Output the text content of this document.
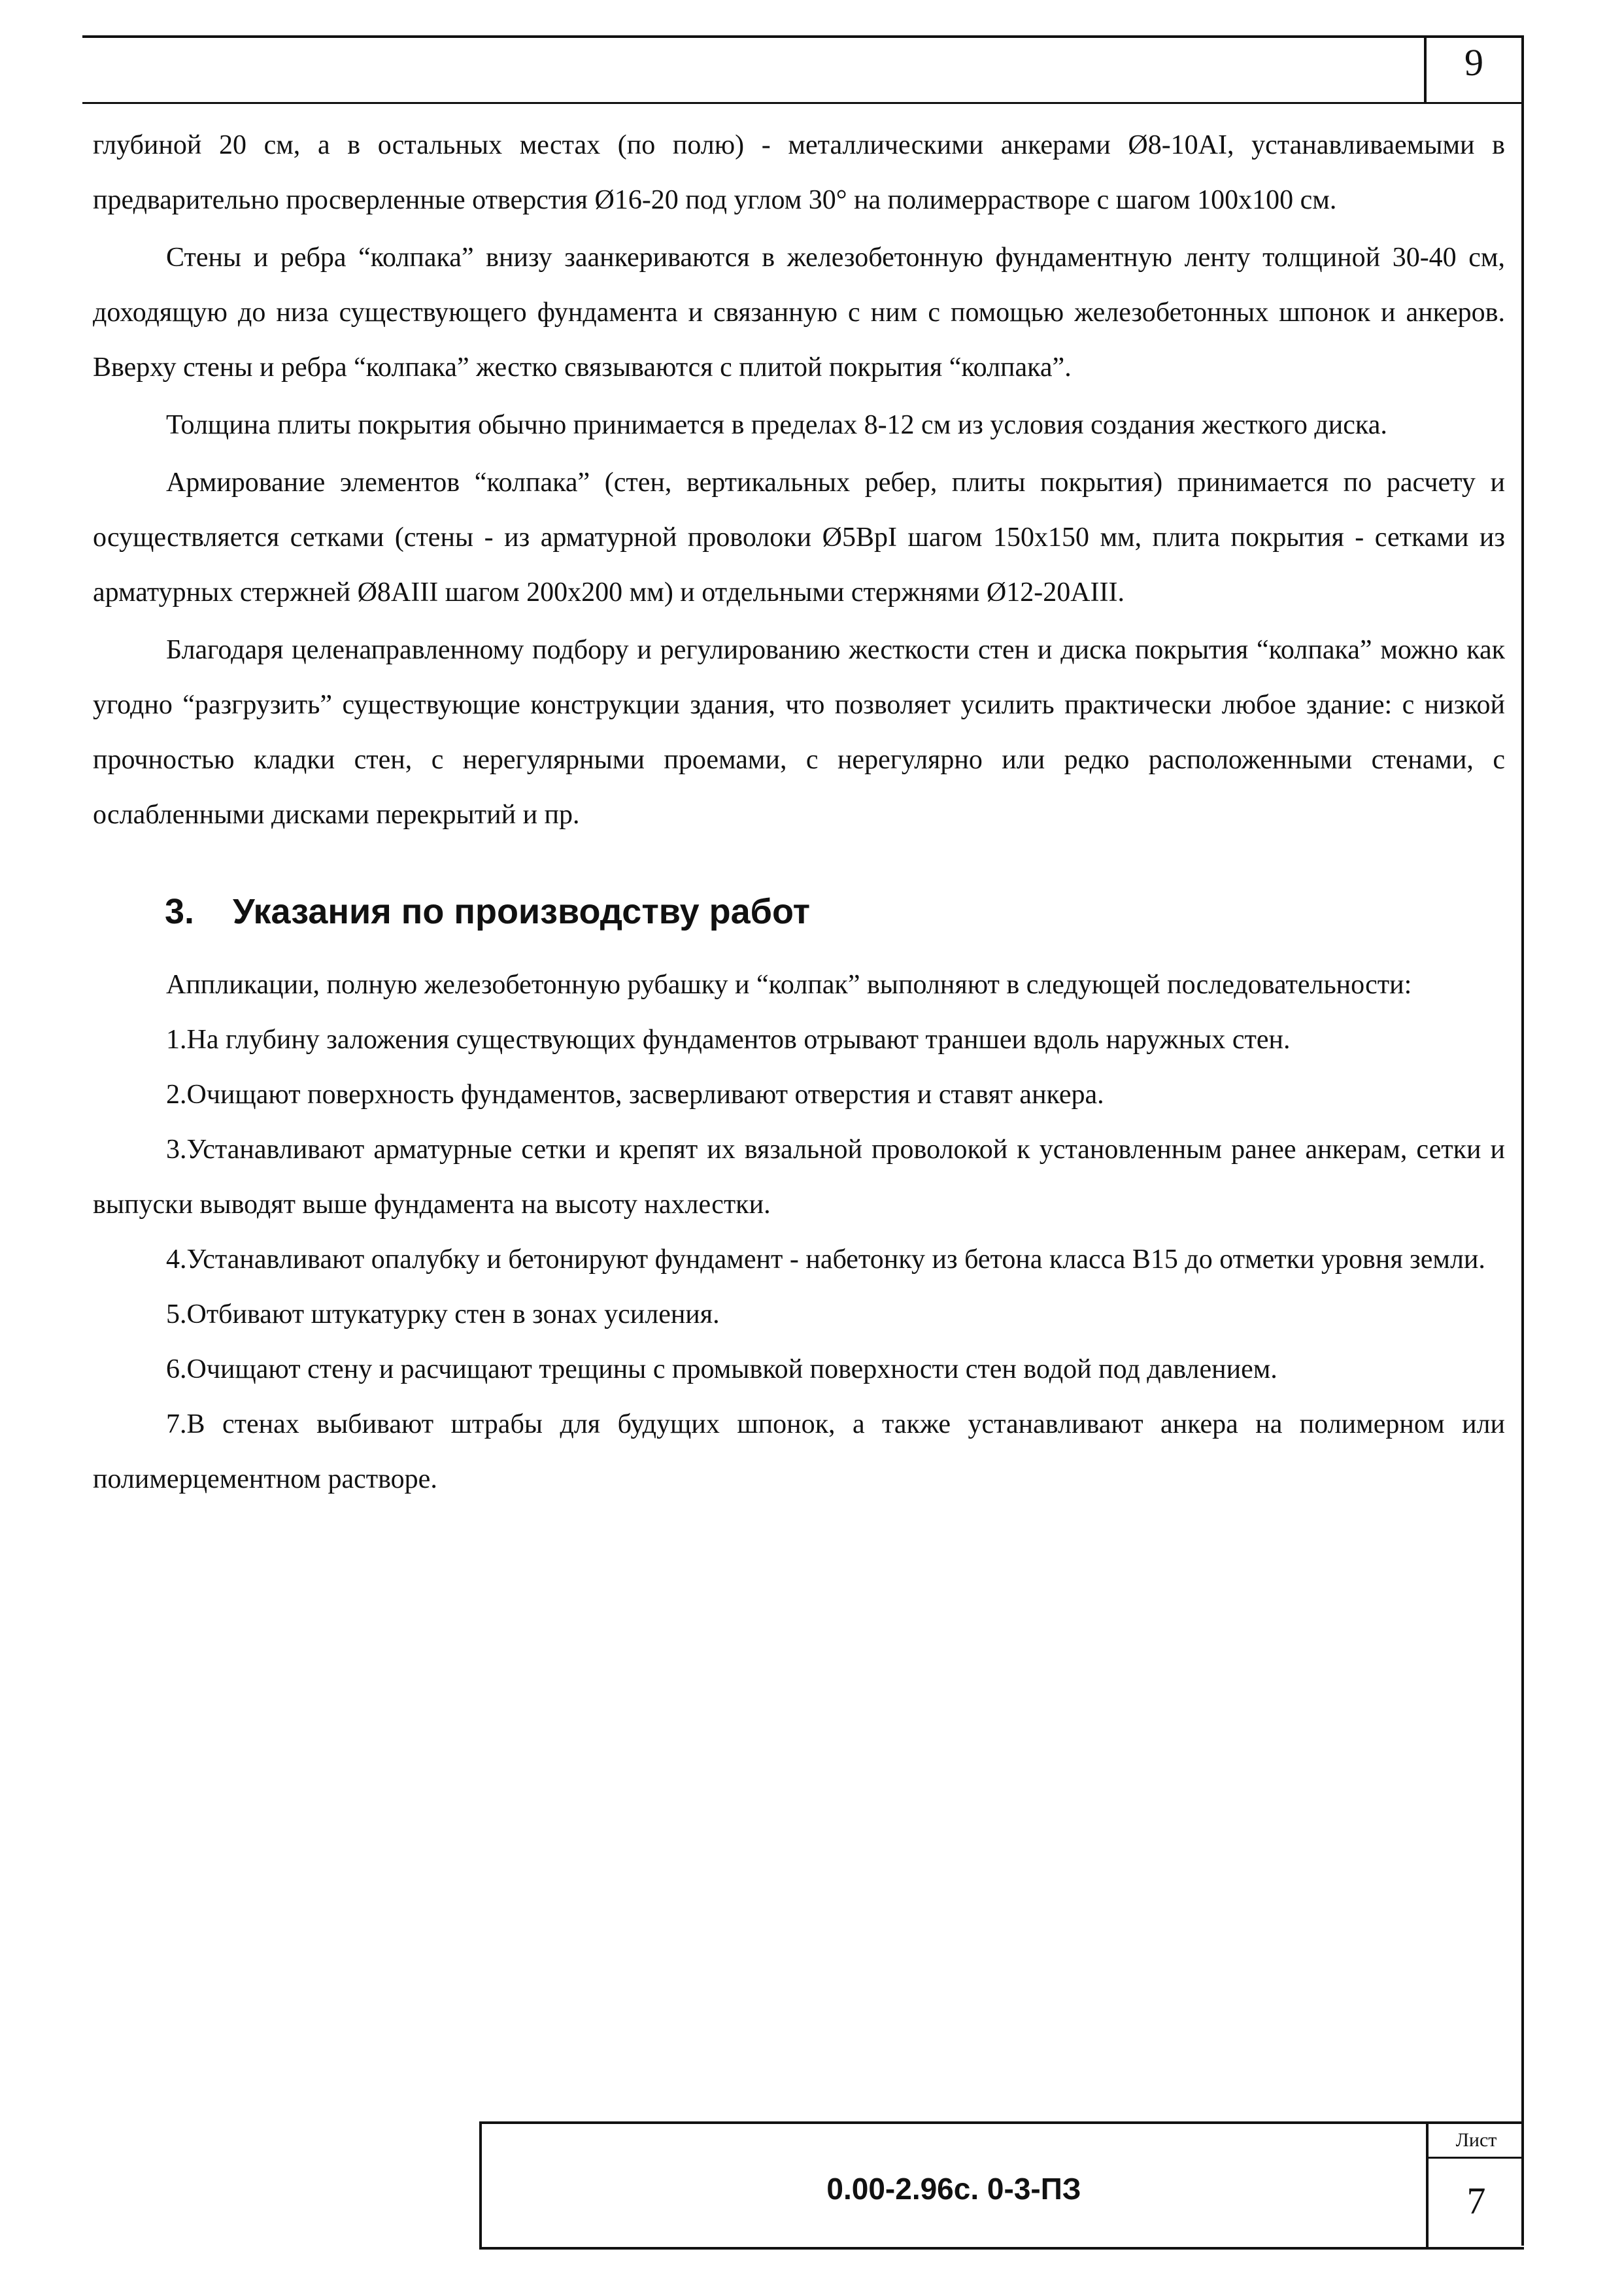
9

глубиной 20 см, а в остальных местах (по полю) - металлическими анкерами Ø8-10AI, устанавливаемыми в предварительно просверленные отверстия Ø16-20 под углом 30° на полимеррастворе с шагом 100x100 см.

Стены и ребра “колпака” внизу заанкериваются в железобетонную фундаментную ленту толщиной 30-40 см, доходящую до низа существующего фундамента и связанную с ним с помощью железобетонных шпонок и анкеров. Вверху стены и ребра “колпака” жестко связываются с плитой покрытия “колпака”.

Толщина плиты покрытия обычно принимается в пределах 8-12 см из условия создания жесткого диска.

Армирование элементов “колпака” (стен, вертикальных ребер, плиты покрытия) принимается по расчету и осуществляется сетками (стены - из арматурной проволоки Ø5BpI шагом 150x150 мм, плита покрытия - сетками из арматурных стержней Ø8AIII шагом 200x200 мм) и отдельными стержнями Ø12-20AIII.

Благодаря целенаправленному подбору и регулированию жесткости стен и диска покрытия “колпака” можно как угодно “разгрузить” существующие конструкции здания, что позволяет усилить практически любое здание: с низкой прочностью кладки стен, с нерегулярными проемами, с нерегулярно или редко расположенными стенами, с ослабленными дисками перекрытий и пр.

3. Указания по производству работ

Аппликации, полную железобетонную рубашку и “колпак” выполняют в следующей последовательности:

1.На глубину заложения существующих фундаментов отрывают траншеи вдоль наружных стен.

2.Очищают поверхность фундаментов, засверливают отверстия и ставят анкера.

3.Устанавливают арматурные сетки и крепят их вязальной проволокой к установленным ранее анкерам, сетки и выпуски выводят выше фундамента на высоту нахлестки.

4.Устанавливают опалубку и бетонируют фундамент - набетонку из бетона класса B15 до отметки уровня земли.

5.Отбивают штукатурку стен в зонах усиления.

6.Очищают стену и расчищают трещины с промывкой поверхности стен водой под давлением.

7.В стенах выбивают штрабы для будущих шпонок, а также устанавливают анкера на полимерном или полимерцементном растворе.

0.00-2.96с. 0-3-ПЗ
Лист
7
